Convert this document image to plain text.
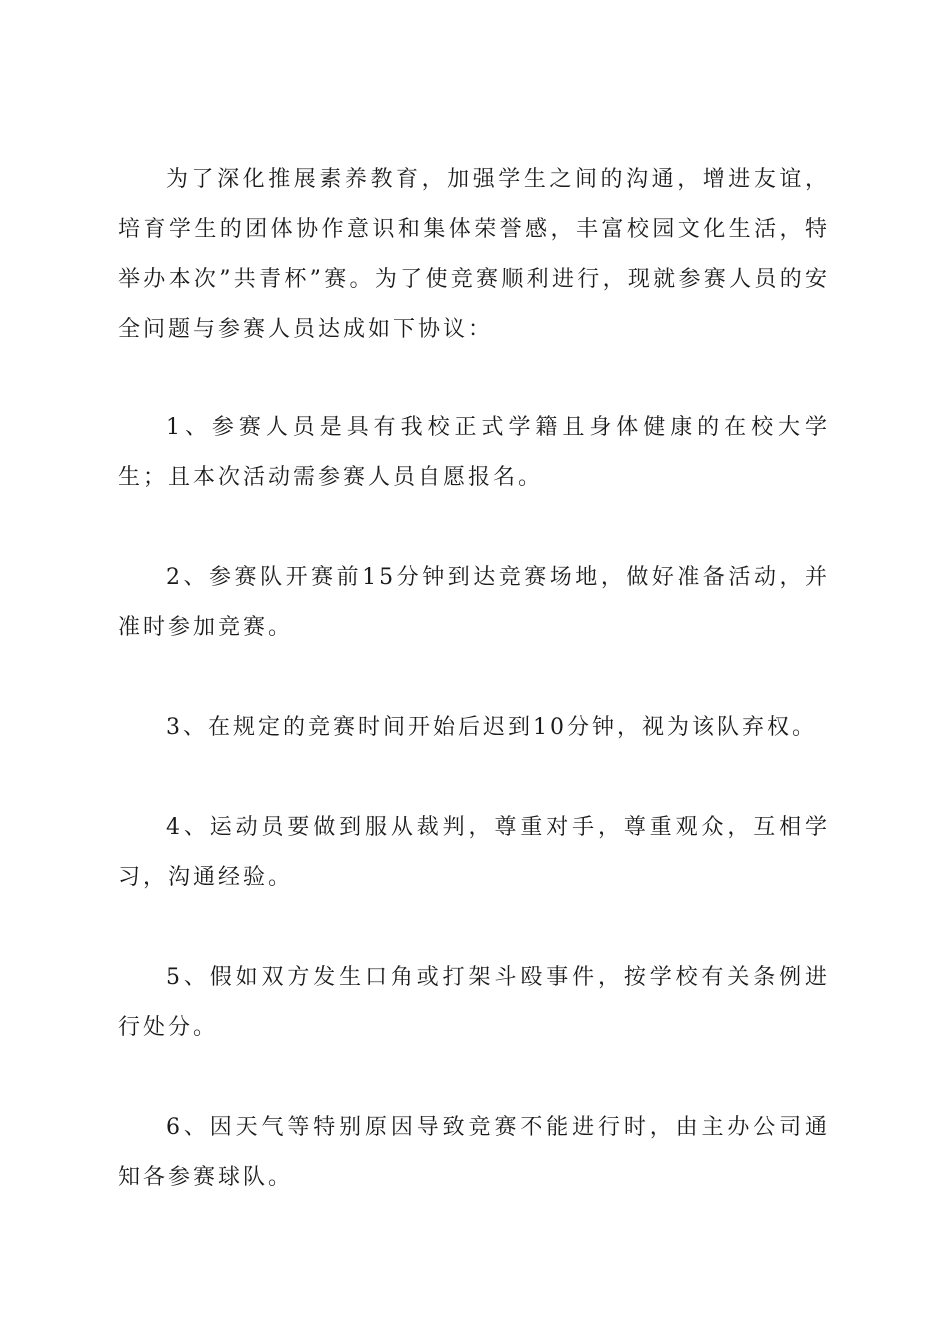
为了深化推展素养教育，加强学生之间的沟通，增进友谊，培育学生的团体协作意识和集体荣誉感，丰富校园文化生活，特举办本次”共青杯”赛。为了使竞赛顺利进行，现就参赛人员的安全问题与参赛人员达成如下协议：

1、参赛人员是具有我校正式学籍且身体健康的在校大学生；且本次活动需参赛人员自愿报名。

2、参赛队开赛前15分钟到达竞赛场地，做好准备活动，并准时参加竞赛。

3、在规定的竞赛时间开始后迟到10分钟，视为该队弃权。

4、运动员要做到服从裁判，尊重对手，尊重观众，互相学习，沟通经验。

5、假如双方发生口角或打架斗殴事件，按学校有关条例进行处分。

6、因天气等特别原因导致竞赛不能进行时，由主办公司通知各参赛球队。
